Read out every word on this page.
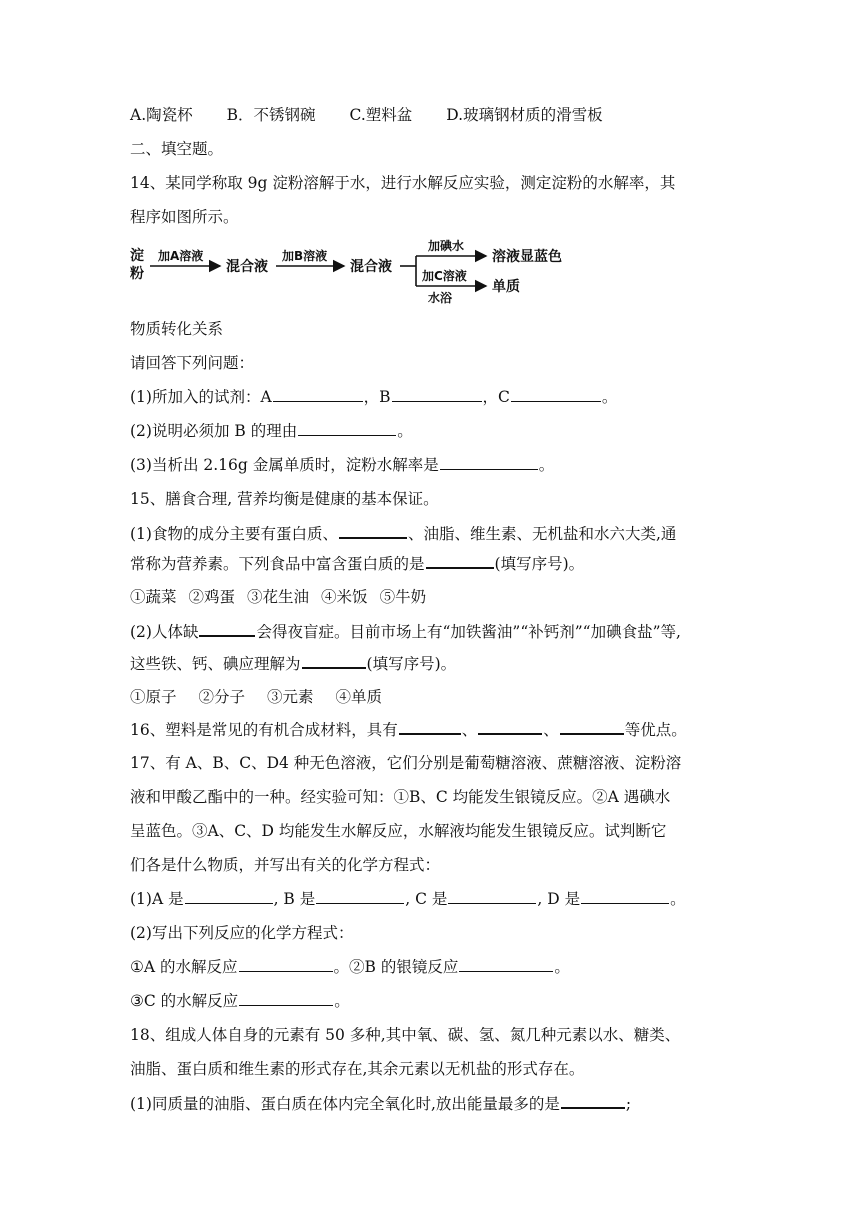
A.陶瓷杯 B．不锈钢碗 C.塑料盆 D.玻璃钢材质的滑雪板
二、填空题。
14、某同学称取 9g 淀粉溶解于水，进行水解反应实验，测定淀粉的水解率，其
程序如图所示。
淀
粉
加A溶液
混合液
加B溶液
混合液
加碘水
溶液显蓝色
加C溶液
水浴
单质
物质转化关系
请回答下列问题：
(1)所加入的试剂：A	，B	，C	。
(2)说明必须加 B 的理由	。
(3)当析出 2.16g 金属单质时，淀粉水解率是	。
15、膳食合理, 营养均衡是健康的基本保证。
(1)食物的成分主要有蛋白质、	、油脂、维生素、无机盐和水六大类,通
常称为营养素。下列食品中富含蛋白质的是	(填写序号)。
①蔬菜 ②鸡蛋 ③花生油 ④米饭 ⑤牛奶
(2)人体缺	会得夜盲症。目前市场上有“加铁酱油”“补钙剂”“加碘食盐”等,
这些铁、钙、碘应理解为	(填写序号)。
①原子 ②分子 ③元素 ④单质
16、塑料是常见的有机合成材料，具有	、	、	等优点。
17、有 A、B、C、D4 种无色溶液，它们分别是葡萄糖溶液、蔗糖溶液、淀粉溶
液和甲酸乙酯中的一种。经实验可知：①B、C 均能发生银镜反应。②A 遇碘水
呈蓝色。③A、C、D 均能发生水解反应，水解液均能发生银镜反应。试判断它
们各是什么物质，并写出有关的化学方程式：
(1)A 是	, B 是	, C 是	, D 是	。
(2)写出下列反应的化学方程式：
①A 的水解反应	。②B 的银镜反应	。
③C 的水解反应	。
18、组成人体自身的元素有 50 多种,其中氧、碳、氢、氮几种元素以水、糖类、
油脂、蛋白质和维生素的形式存在,其余元素以无机盐的形式存在。
(1)同质量的油脂、蛋白质在体内完全氧化时,放出能量最多的是	;
